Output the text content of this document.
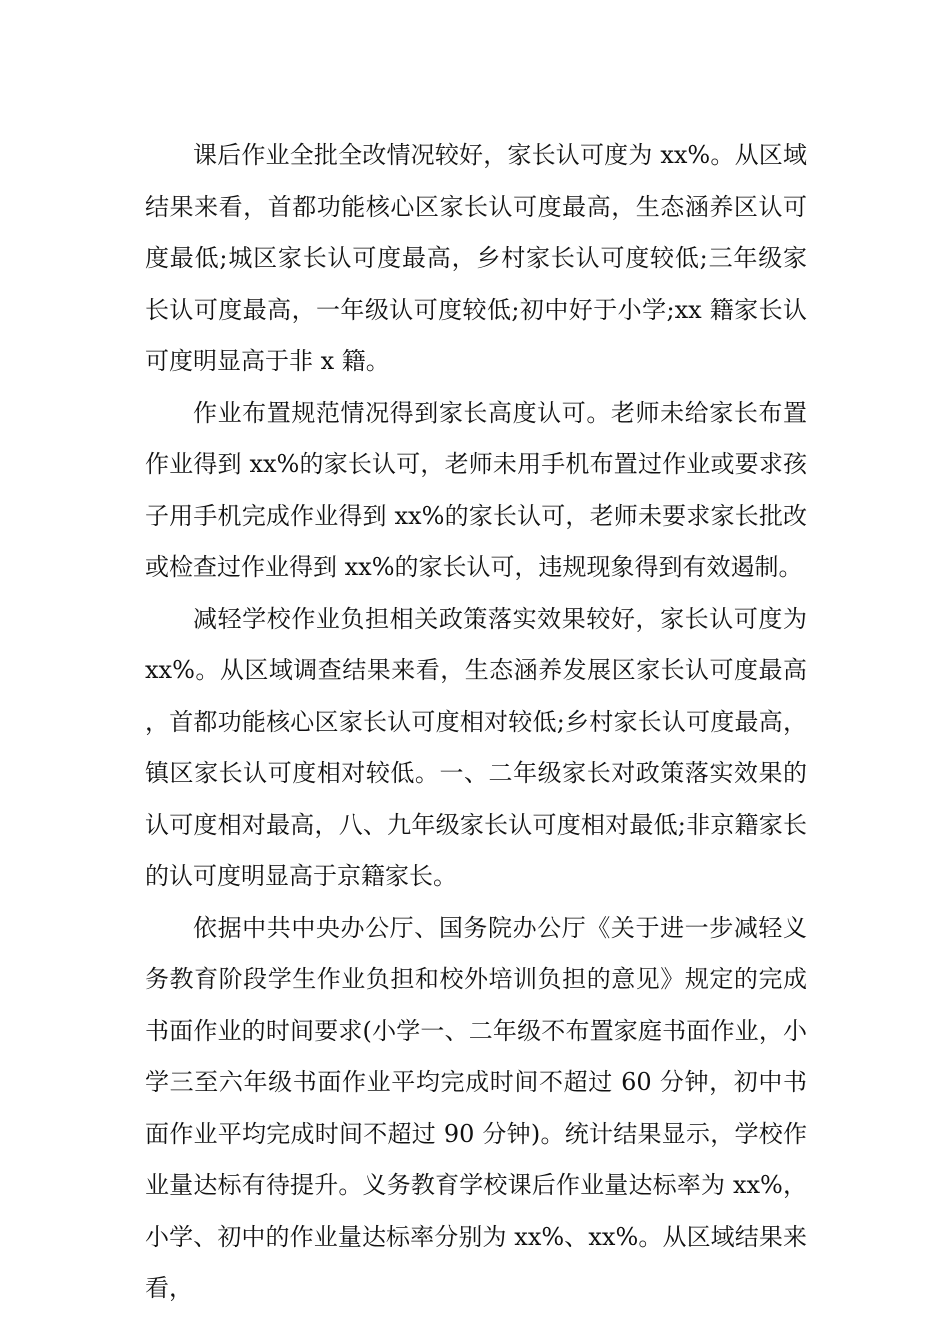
课后作业全批全改情况较好，家长认可度为 xx%。从区域结果来看，首都功能核心区家长认可度最高，生态涵养区认可度最低;城区家长认可度最高，乡村家长认可度较低;三年级家长认可度最高，一年级认可度较低;初中好于小学;xx 籍家长认可度明显高于非 x 籍。

作业布置规范情况得到家长高度认可。老师未给家长布置作业得到 xx%的家长认可，老师未用手机布置过作业或要求孩子用手机完成作业得到 xx%的家长认可，老师未要求家长批改或检查过作业得到 xx%的家长认可，违规现象得到有效遏制。

减轻学校作业负担相关政策落实效果较好，家长认可度为 xx%。从区域调查结果来看，生态涵养发展区家长认可度最高，首都功能核心区家长认可度相对较低;乡村家长认可度最高，镇区家长认可度相对较低。一、二年级家长对政策落实效果的认可度相对最高，八、九年级家长认可度相对最低;非京籍家长的认可度明显高于京籍家长。

依据中共中央办公厅、国务院办公厅《关于进一步减轻义务教育阶段学生作业负担和校外培训负担的意见》规定的完成书面作业的时间要求(小学一、二年级不布置家庭书面作业，小学三至六年级书面作业平均完成时间不超过 60 分钟，初中书面作业平均完成时间不超过 90 分钟)。统计结果显示，学校作业量达标有待提升。义务教育学校课后作业量达标率为 xx%，小学、初中的作业量达标率分别为 xx%、xx%。从区域结果来看，
